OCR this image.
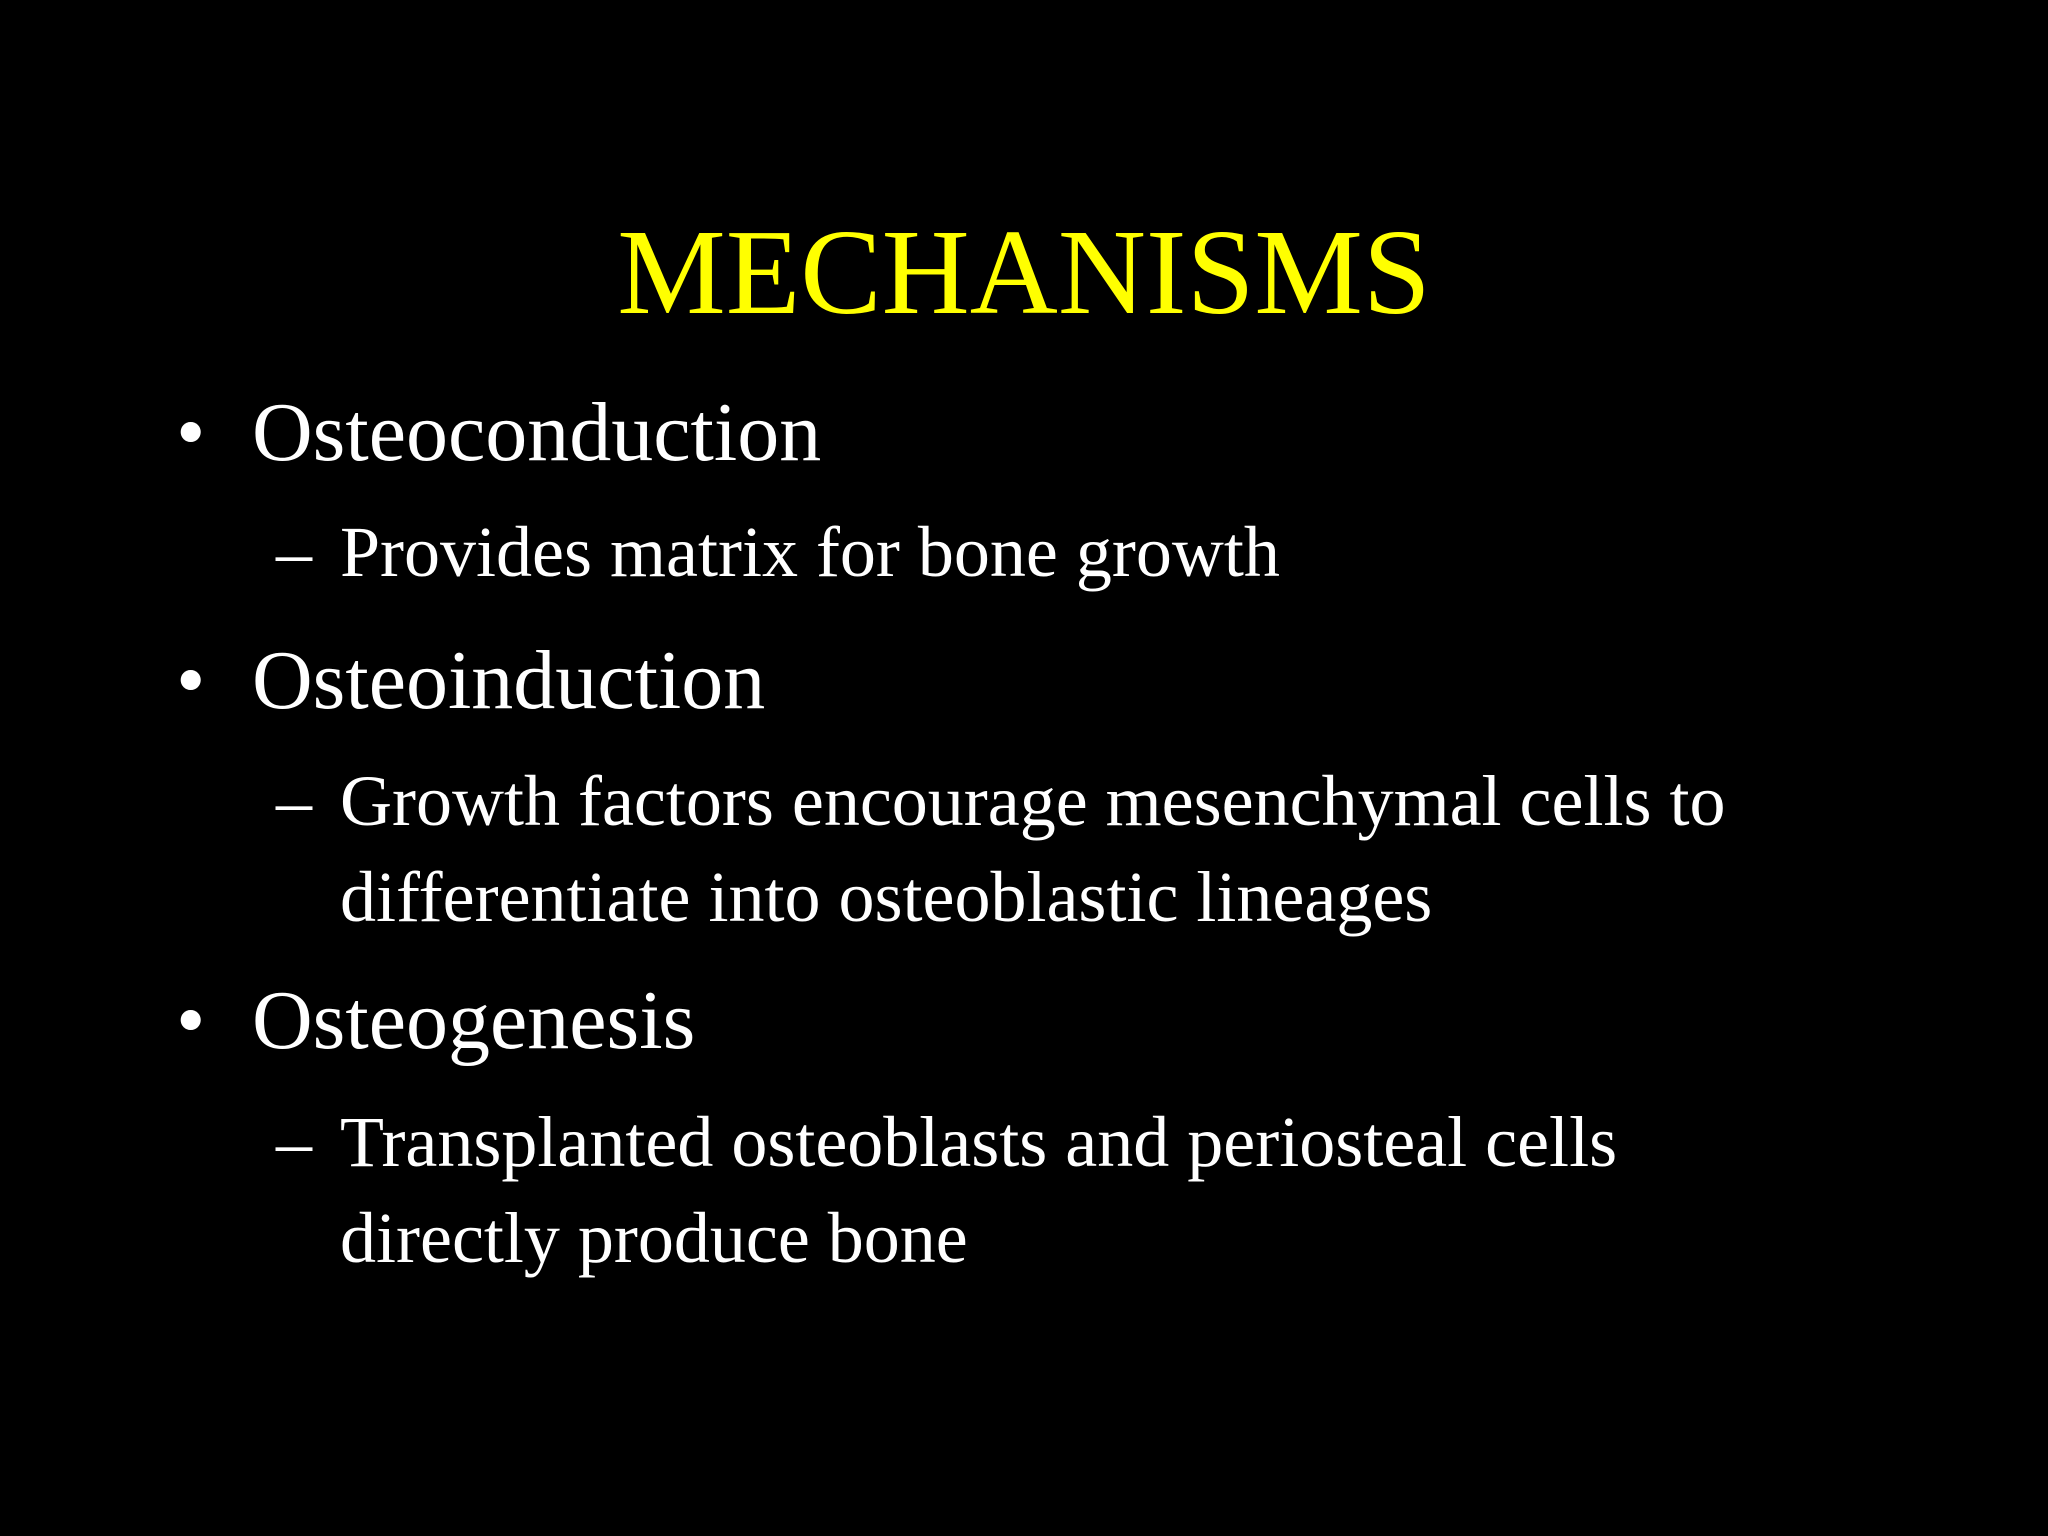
MECHANISMS
• Osteoconduction
– Provides matrix for bone growth
• Osteoinduction
– Growth factors encourage mesenchymal cells to
differentiate into osteoblastic lineages
• Osteogenesis
– Transplanted osteoblasts and periosteal cells
directly produce bone
